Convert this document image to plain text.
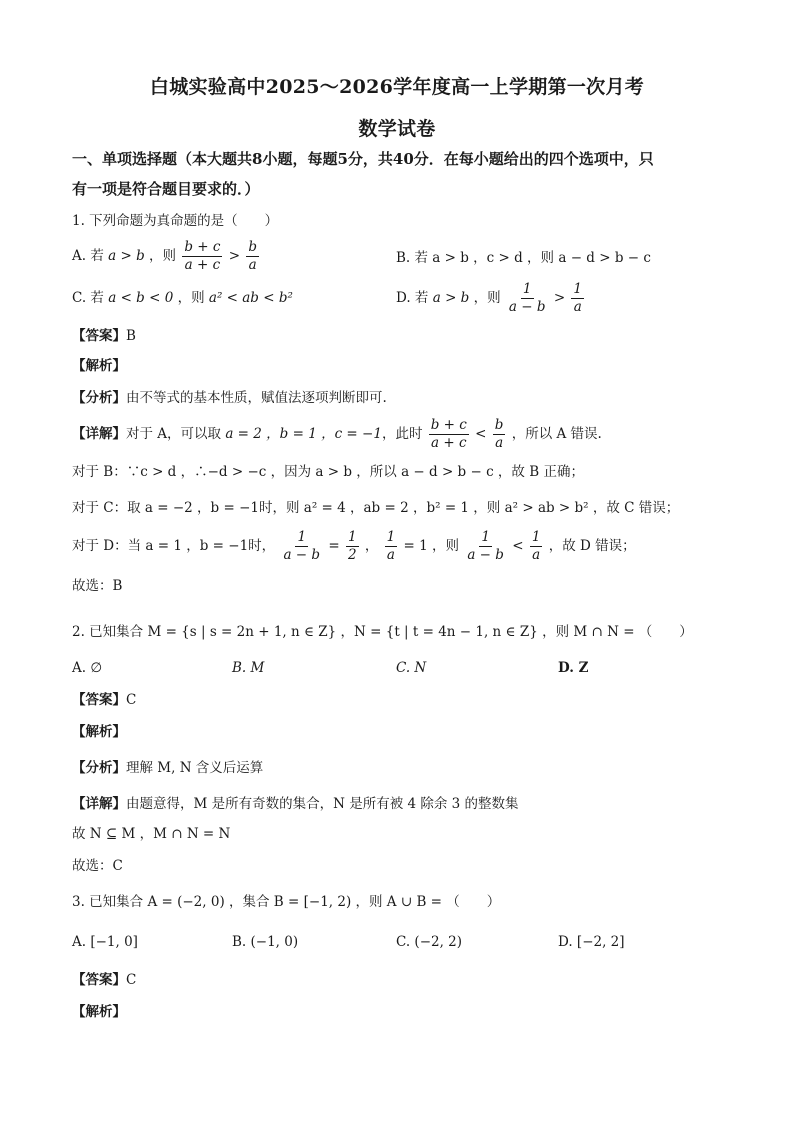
白城实验高中2025～2026学年度高一上学期第一次月考
数学试卷
一、单项选择题（本大题共8小题，每题5分，共40分．在每小题给出的四个选项中，只
有一项是符合题目要求的．）
1. 下列命题为真命题的是（　　）
A. 若 a > b ，则 $\frac{b + c}{a + c} > \frac{b}{a}$	B. 若 a > b ，c > d ，则 a − d > b − c
C. 若 a < b < 0 ，则 a² < ab < b²	D. 若 a > b ，则 $\frac{1}{a - b} > \frac{1}{a}$
【答案】B
【解析】
【分析】由不等式的基本性质，赋值法逐项判断即可.
【详解】对于 A，可以取 a = 2 ，b = 1 ，c = −1，此时 $\frac{b + c}{a + c} < \frac{b}{a}$ ，所以 A 错误.
对于 B：∵c > d ，∴−d > −c ，因为 a > b ，所以 a − d > b − c ，故 B 正确；
对于 C：取 a = −2 ，b = −1时，则 a² = 4 ，ab = 2 ，b² = 1 ，则 a² > ab > b² ，故 C 错误；
对于 D：当 a = 1 ，b = −1时， $\frac{1}{a - b} = \frac{1}{2}$ ， $\frac{1}{a} = 1$ ，则 $\frac{1}{a - b} < \frac{1}{a}$ ，故 D 错误；
故选：B
2. 已知集合 M = {s | s = 2n + 1, n ∈ Z} ，N = {t | t = 4n − 1, n ∈ Z} ，则 M ∩ N = （　　）
A. ∅	B. M	C. N	D. Z
【答案】C
【解析】
【分析】理解 M, N 含义后运算
【详解】由题意得，M 是所有奇数的集合，N 是所有被 4 除余 3 的整数集
故 N ⊆ M ，M ∩ N = N
故选：C
3. 已知集合 A = (−2, 0) ，集合 B = [−1, 2) ，则 A ∪ B = （　　）
A. [−1, 0]	B. (−1, 0)	C. (−2, 2)	D. [−2, 2]
【答案】C
【解析】
